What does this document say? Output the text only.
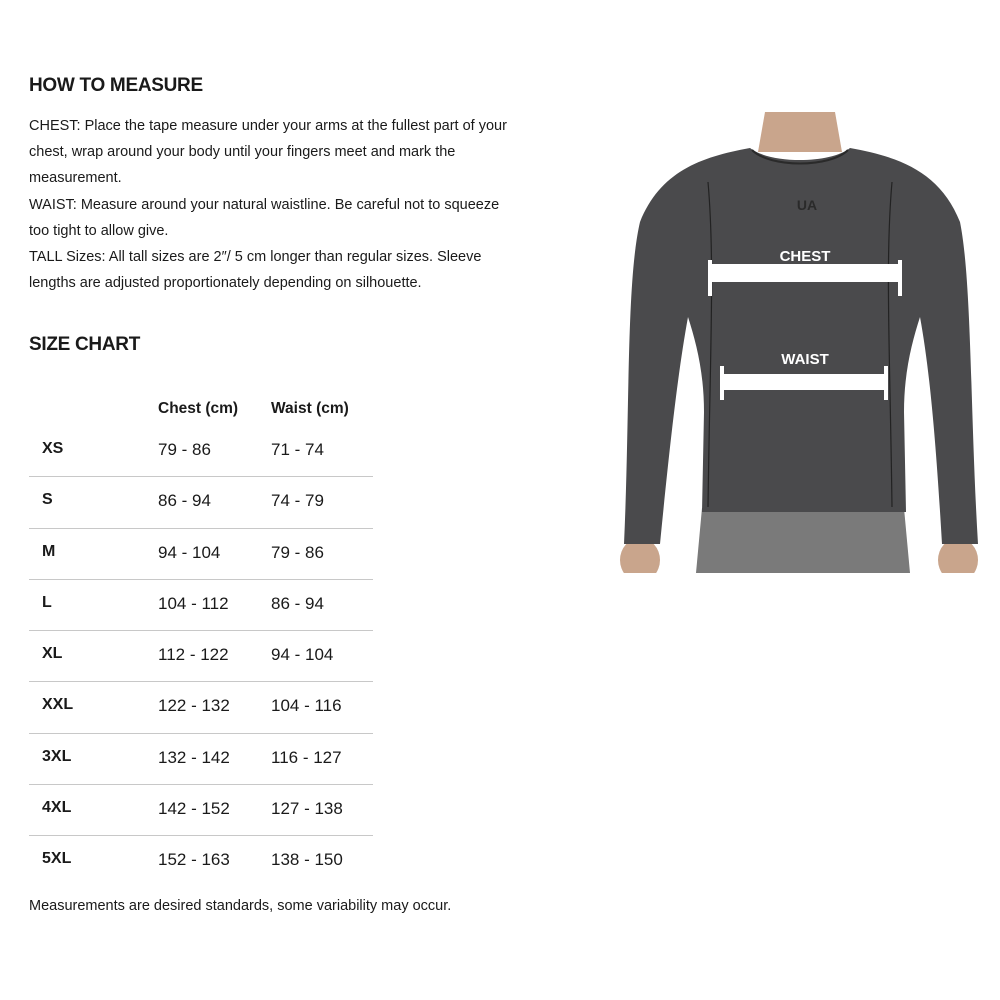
HOW TO MEASURE

CHEST: Place the tape measure under your arms at the fullest part of your

chest, wrap around your body until your fingers meet and mark the

measurement.

WAIST: Measure around your natural waistline. Be careful not to squeeze

too tight to allow give.

TALL Sizes: All tall sizes are 2″/ 5 cm longer than regular sizes. Sleeve

lengths are adjusted proportionately depending on silhouette.

SIZE CHART
Chest (cm) Waist (cm)
XS	79 - 86	71 - 74
S	86 - 94	74 - 79
M	94 - 104	79 - 86
L	104 - 112 86 - 94
XL	112 - 122 94 - 104
XXL	122 - 132 104 - 116
3XL	132 - 142 116 - 127
4XL	142 - 152 127 - 138
5XL	152 - 163 138 - 150

Measurements are desired standards, some variability may occur.

UA
CHEST
WAIST
